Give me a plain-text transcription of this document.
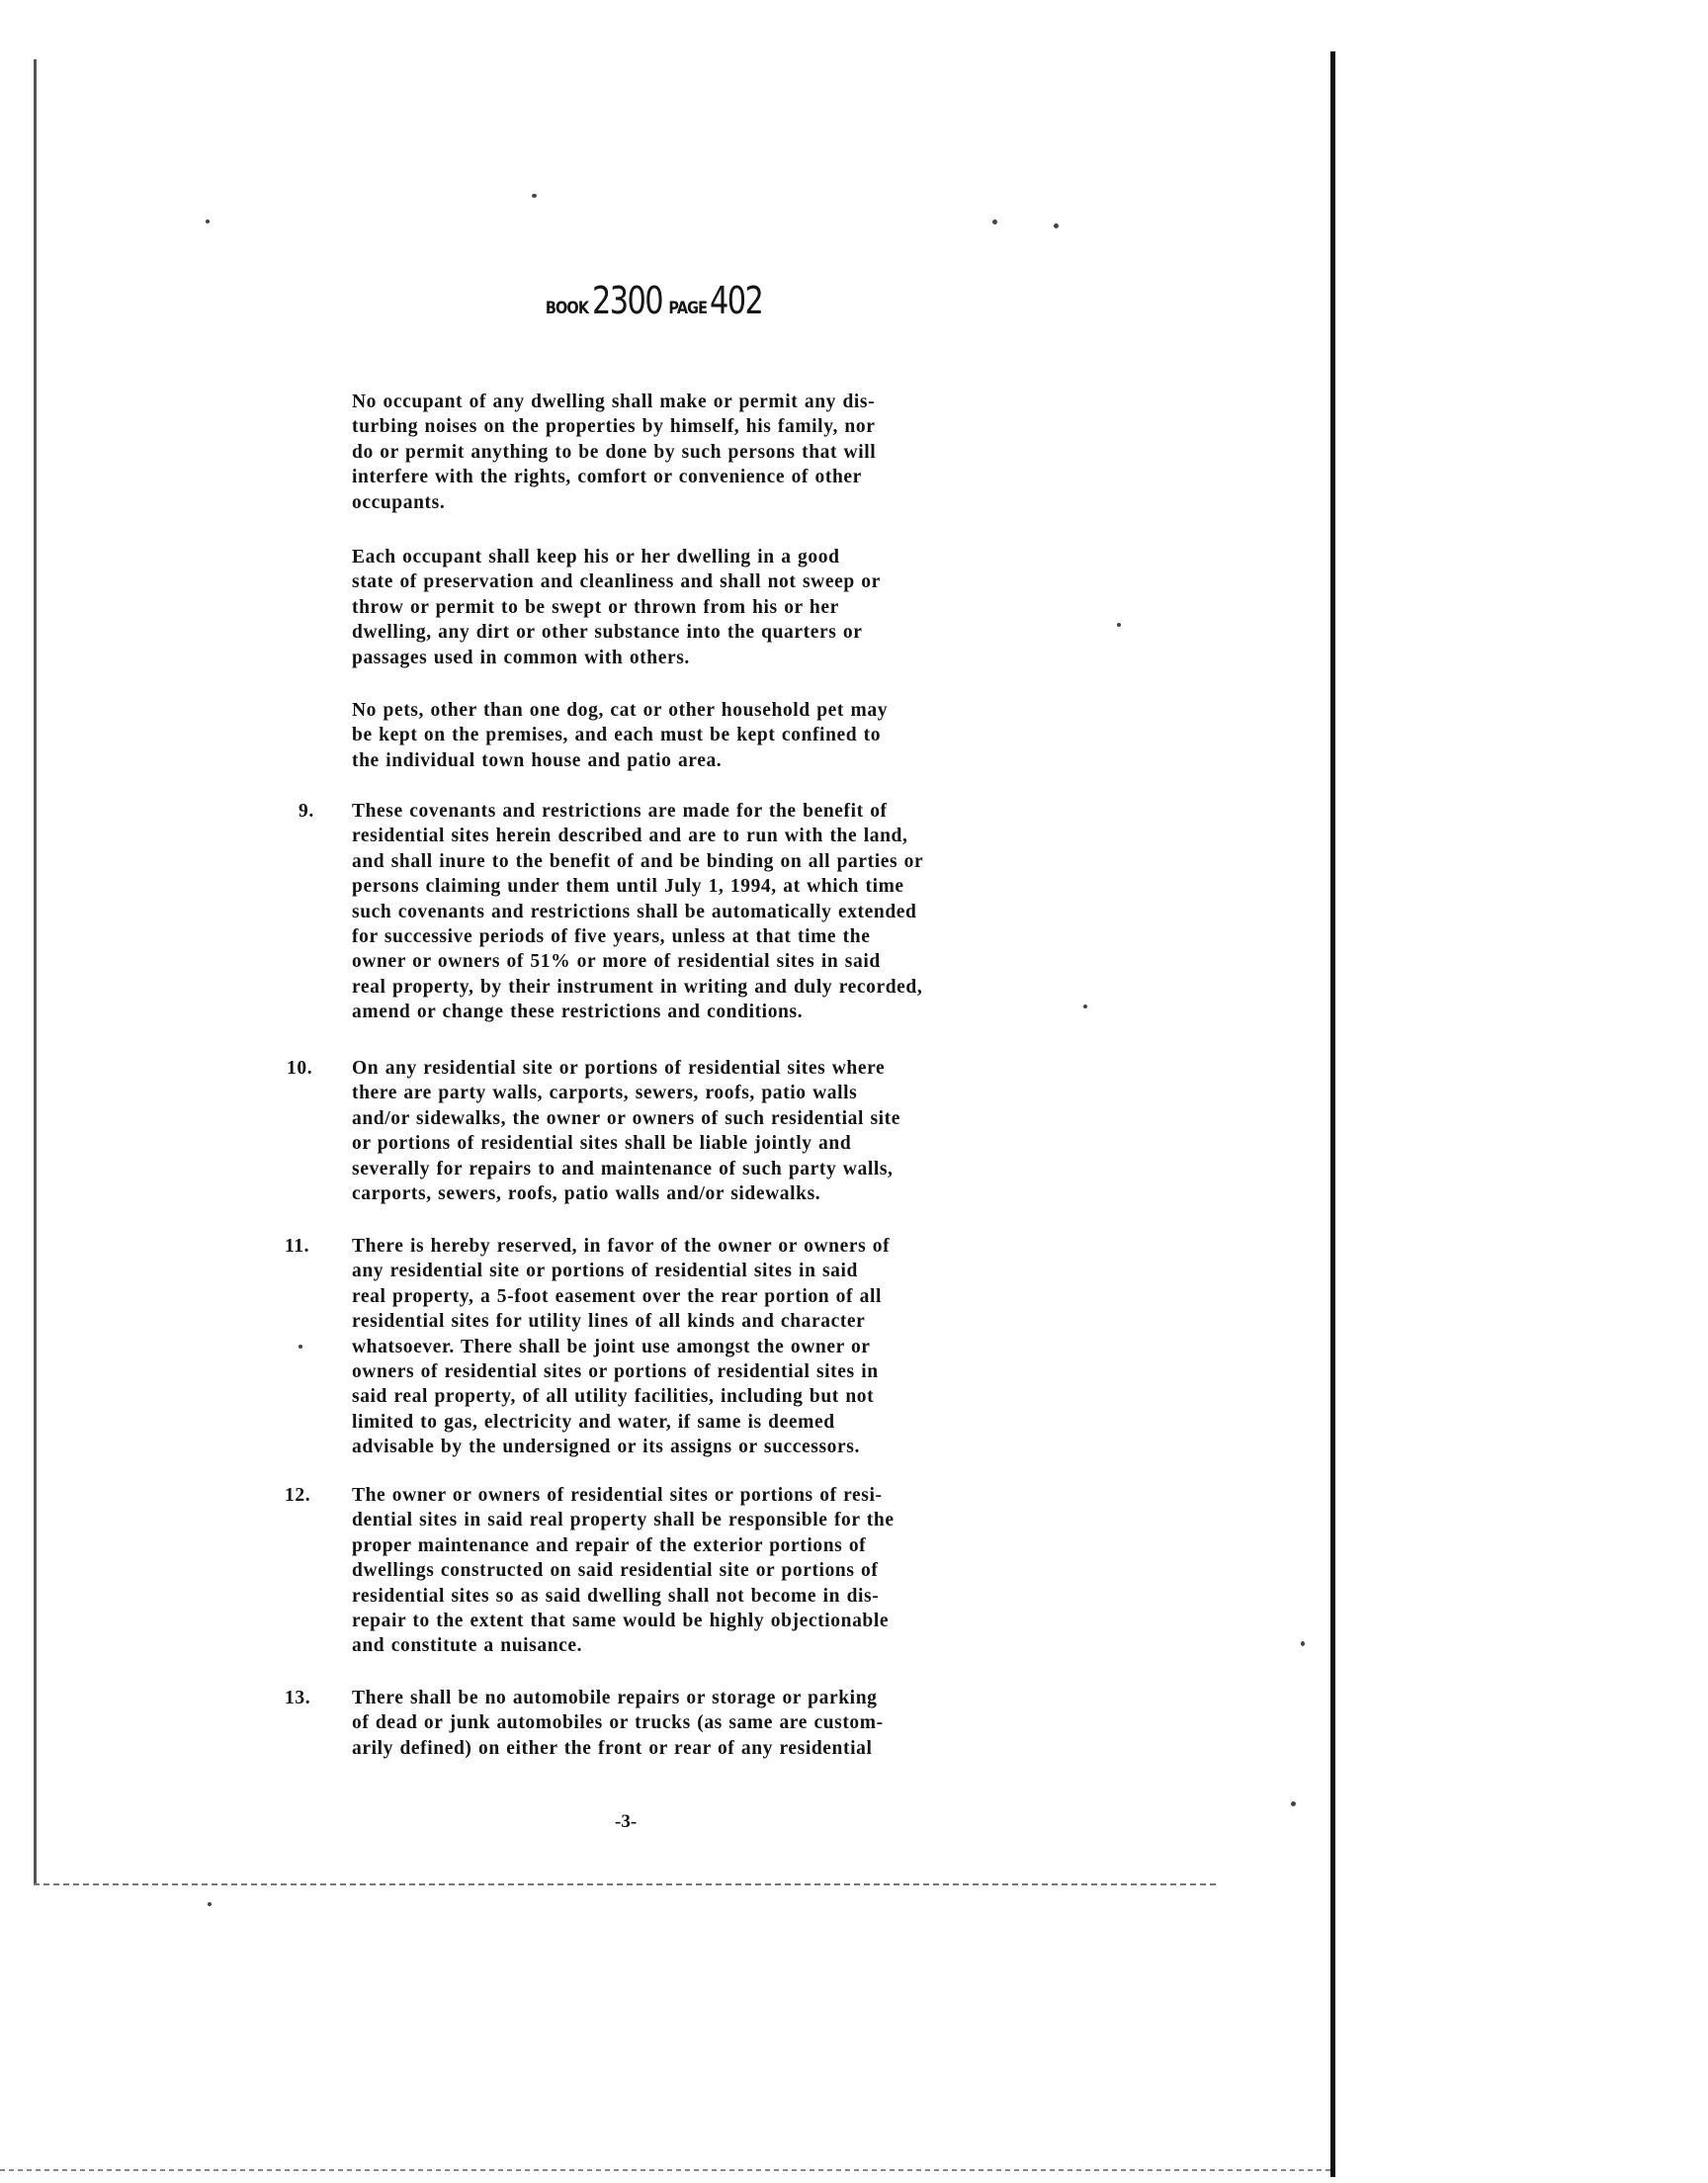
BOOK 2300 PAGE402
No occupant of any dwelling shall make or permit any dis-
turbing noises on the properties by himself, his family, nor
do or permit anything to be done by such persons that will
interfere with the rights, comfort or convenience of other
occupants.
Each occupant shall keep his or her dwelling in a good
state of preservation and cleanliness and shall not sweep or
throw or permit to be swept or thrown from his or her
dwelling, any dirt or other substance into the quarters or
passages used in common with others.
No pets, other than one dog, cat or other household pet may
be kept on the premises, and each must be kept confined to
the individual town house and patio area.
9. These covenants and restrictions are made for the benefit of
residential sites herein described and are to run with the land,
and shall inure to the benefit of and be binding on all parties or
persons claiming under them until July 1, 1994, at which time
such covenants and restrictions shall be automatically extended
for successive periods of five years, unless at that time the
owner or owners of 51% or more of residential sites in said
real property, by their instrument in writing and duly recorded,
amend or change these restrictions and conditions.
10. On any residential site or portions of residential sites where
there are party walls, carports, sewers, roofs, patio walls
and/or sidewalks, the owner or owners of such residential site
or portions of residential sites shall be liable jointly and
severally for repairs to and maintenance of such party walls,
carports, sewers, roofs, patio walls and/or sidewalks.
11. There is hereby reserved, in favor of the owner or owners of
any residential site or portions of residential sites in said
real property, a 5-foot easement over the rear portion of all
residential sites for utility lines of all kinds and character
whatsoever. There shall be joint use amongst the owner or
owners of residential sites or portions of residential sites in
said real property, of all utility facilities, including but not
limited to gas, electricity and water, if same is deemed
advisable by the undersigned or its assigns or successors.
12. The owner or owners of residential sites or portions of resi-
dential sites in said real property shall be responsible for the
proper maintenance and repair of the exterior portions of
dwellings constructed on said residential site or portions of
residential sites so as said dwelling shall not become in dis-
repair to the extent that same would be highly objectionable
and constitute a nuisance.
13. There shall be no automobile repairs or storage or parking
of dead or junk automobiles or trucks (as same are custom-
arily defined) on either the front or rear of any residential
-3-
